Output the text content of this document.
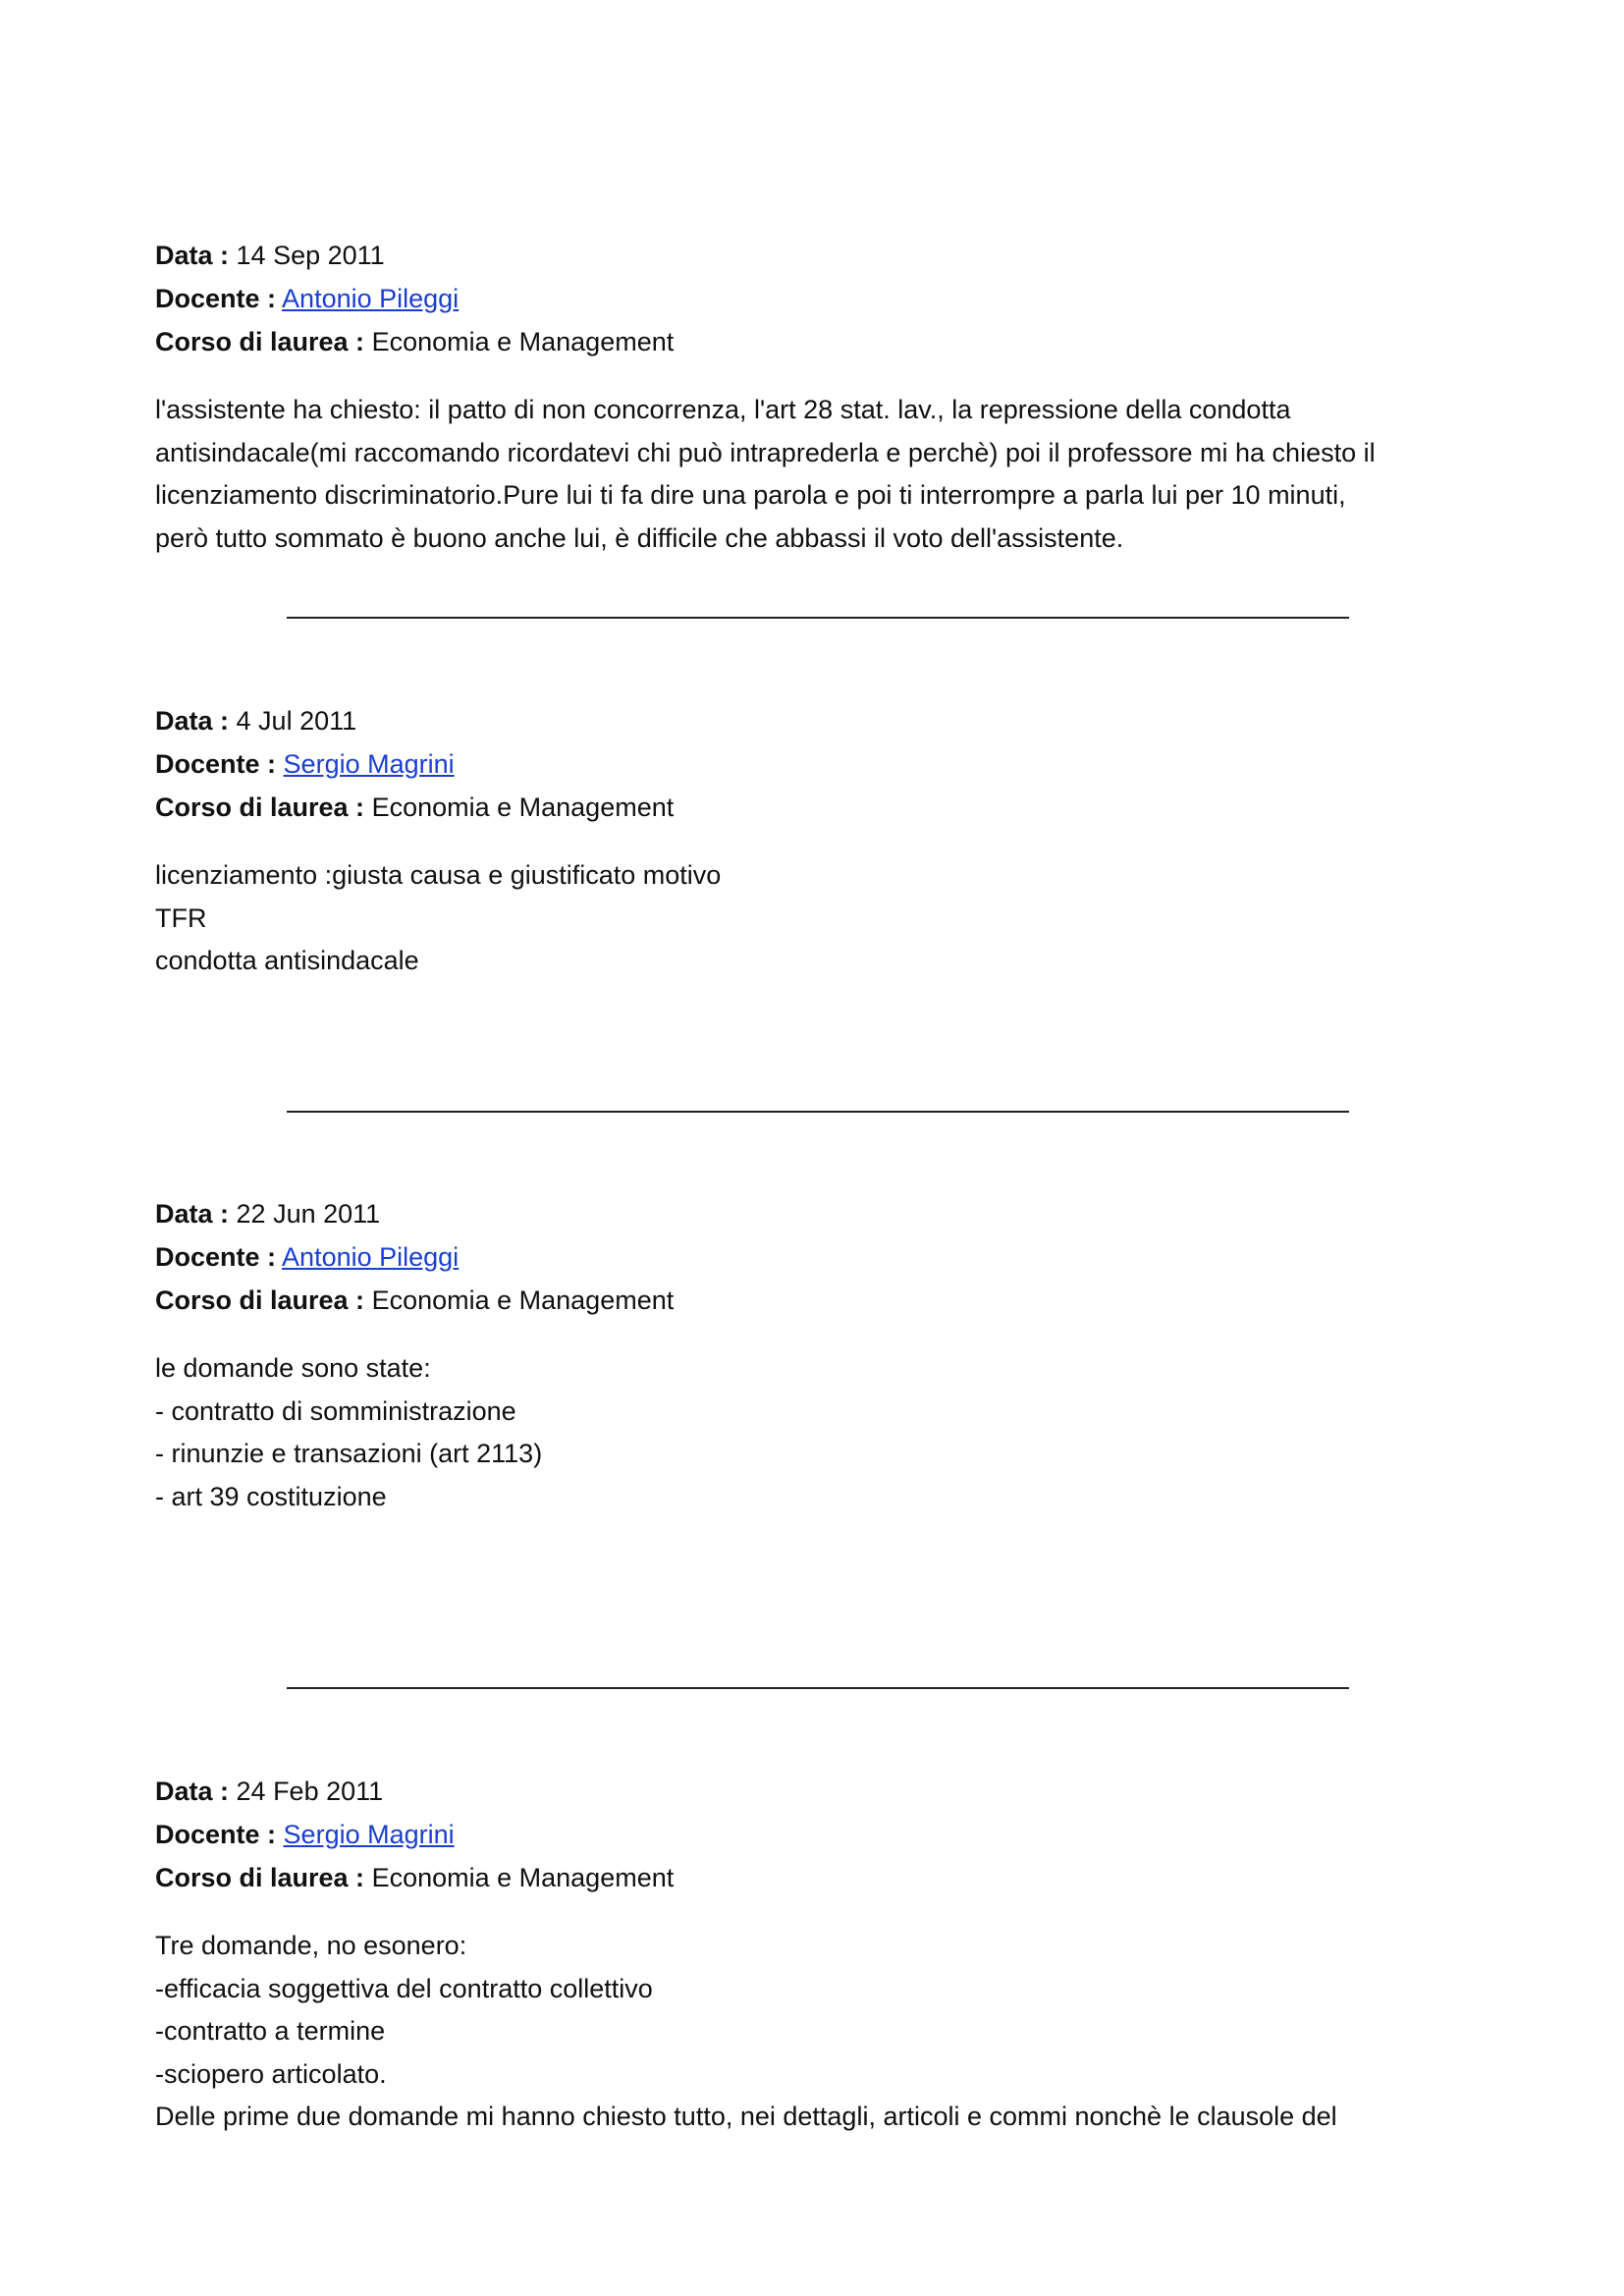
Data : 14 Sep 2011
Docente : Antonio Pileggi
Corso di laurea : Economia e Management
l'assistente ha chiesto: il patto di non concorrenza, l'art 28 stat. lav., la repressione della condotta
antisindacale(mi raccomando ricordatevi chi può intraprederla e perchè) poi il professore mi ha chiesto il
licenziamento discriminatorio.Pure lui ti fa dire una parola e poi ti interrompre a parla lui per 10 minuti,
però tutto sommato è buono anche lui, è difficile che abbassi il voto dell'assistente.
Data : 4 Jul 2011
Docente : Sergio Magrini
Corso di laurea : Economia e Management
licenziamento :giusta causa e giustificato motivo
TFR
condotta antisindacale
Data : 22 Jun 2011
Docente : Antonio Pileggi
Corso di laurea : Economia e Management
le domande sono state:
- contratto di somministrazione
- rinunzie e transazioni (art 2113)
- art 39 costituzione
Data : 24 Feb 2011
Docente : Sergio Magrini
Corso di laurea : Economia e Management
Tre domande, no esonero:
-efficacia soggettiva del contratto collettivo
-contratto a termine
-sciopero articolato.
Delle prime due domande mi hanno chiesto tutto, nei dettagli, articoli e commi nonchè le clausole del
